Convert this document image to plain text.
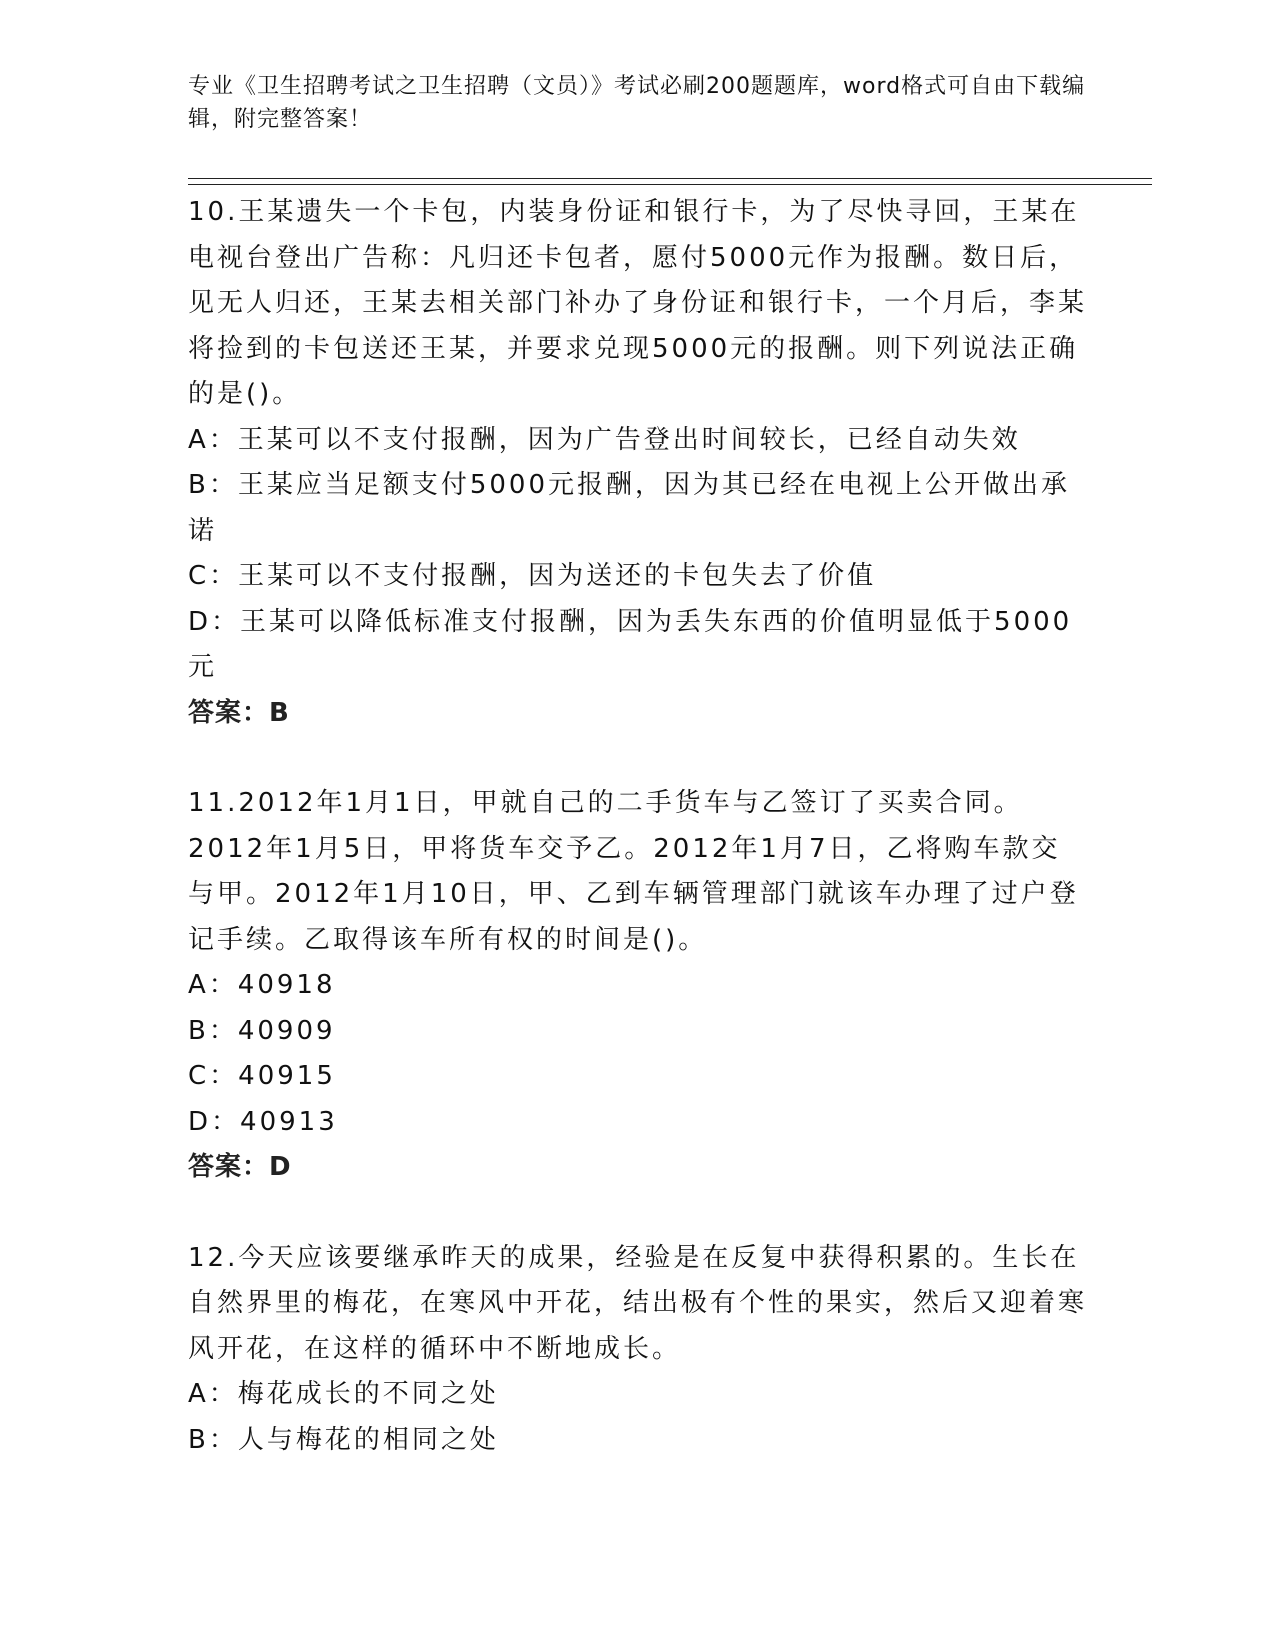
专业《卫生招聘考试之卫生招聘（文员）》考试必刷200题题库，word格式可自由下载编辑，附完整答案！
10.王某遗失一个卡包，内装身份证和银行卡，为了尽快寻回，王某在电视台登出广告称：凡归还卡包者，愿付5000元作为报酬。数日后，见无人归还，王某去相关部门补办了身份证和银行卡，一个月后，李某将捡到的卡包送还王某，并要求兑现5000元的报酬。则下列说法正确的是()。
A：王某可以不支付报酬，因为广告登出时间较长，已经自动失效
B：王某应当足额支付5000元报酬，因为其已经在电视上公开做出承诺
C：王某可以不支付报酬，因为送还的卡包失去了价值
D：王某可以降低标准支付报酬，因为丢失东西的价值明显低于5000元
答案：B
11.2012年1月1日，甲就自己的二手货车与乙签订了买卖合同。2012年1月5日，甲将货车交予乙。2012年1月7日，乙将购车款交与甲。2012年1月10日，甲、乙到车辆管理部门就该车办理了过户登记手续。乙取得该车所有权的时间是()。
A：40918
B：40909
C：40915
D：40913
答案：D
12.今天应该要继承昨天的成果，经验是在反复中获得积累的。生长在自然界里的梅花，在寒风中开花，结出极有个性的果实，然后又迎着寒风开花，在这样的循环中不断地成长。
A：梅花成长的不同之处
B：人与梅花的相同之处
